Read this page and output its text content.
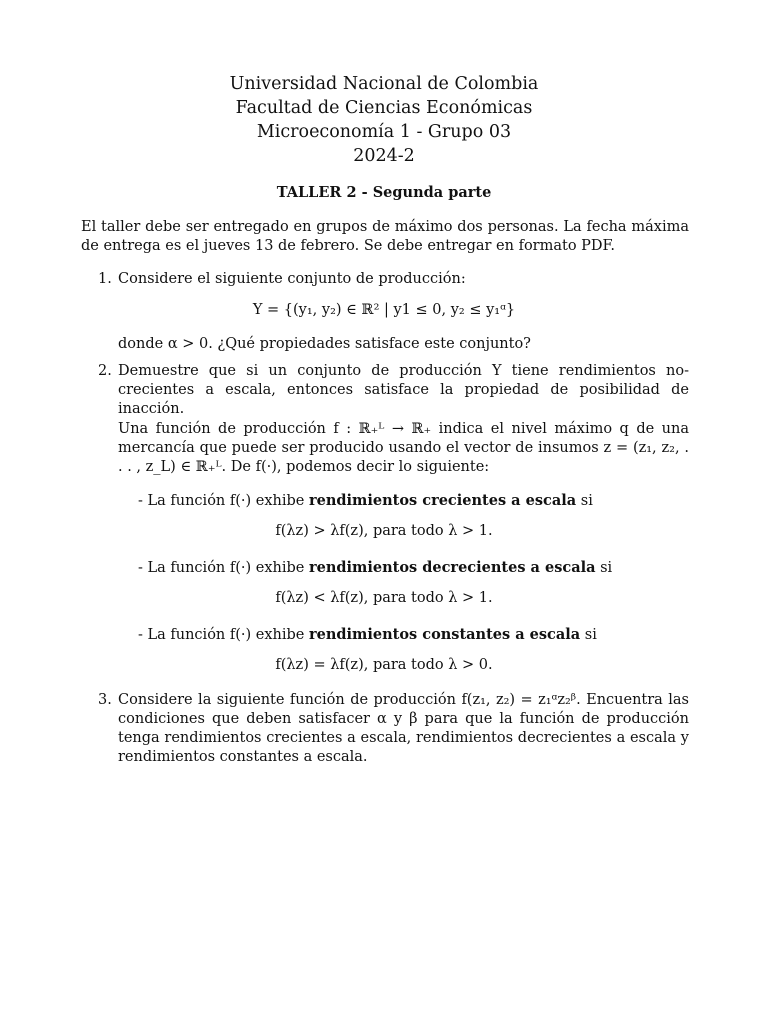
Universidad Nacional de Colombia
Facultad de Ciencias Económicas
Microeconomía 1 - Grupo 03
2024-2
TALLER 2 - Segunda parte
El taller debe ser entregado en grupos de máximo dos personas. La fecha máxima de entrega es el jueves 13 de febrero. Se debe entregar en formato PDF.
1. Considere el siguiente conjunto de producción:
Y = {(y₁, y₂) ∈ ℝ² | y1 ≤ 0, y₂ ≤ y₁ᵅ}
donde α > 0. ¿Qué propiedades satisface este conjunto?
2. Demuestre que si un conjunto de producción Y tiene rendimientos no-crecientes a escala, entonces satisface la propiedad de posibilidad de inacción.
Una función de producción f : ℝ₊ᴸ → ℝ₊ indica el nivel máximo q de una mercancía que puede ser producido usando el vector de insumos z = (z₁, z₂, . . . , z_L) ∈ ℝ₊ᴸ. De f(·), podemos decir lo siguiente:
- La función f(·) exhibe rendimientos crecientes a escala si
f(λz) > λf(z), para todo λ > 1.
- La función f(·) exhibe rendimientos decrecientes a escala si
f(λz) < λf(z), para todo λ > 1.
- La función f(·) exhibe rendimientos constantes a escala si
f(λz) = λf(z), para todo λ > 0.
3. Considere la siguiente función de producción f(z₁, z₂) = z₁ᵅz₂ᵝ. Encuentra las condiciones que deben satisfacer α y β para que la función de producción tenga rendimientos crecientes a escala, rendimientos decrecientes a escala y rendimientos constantes a escala.
